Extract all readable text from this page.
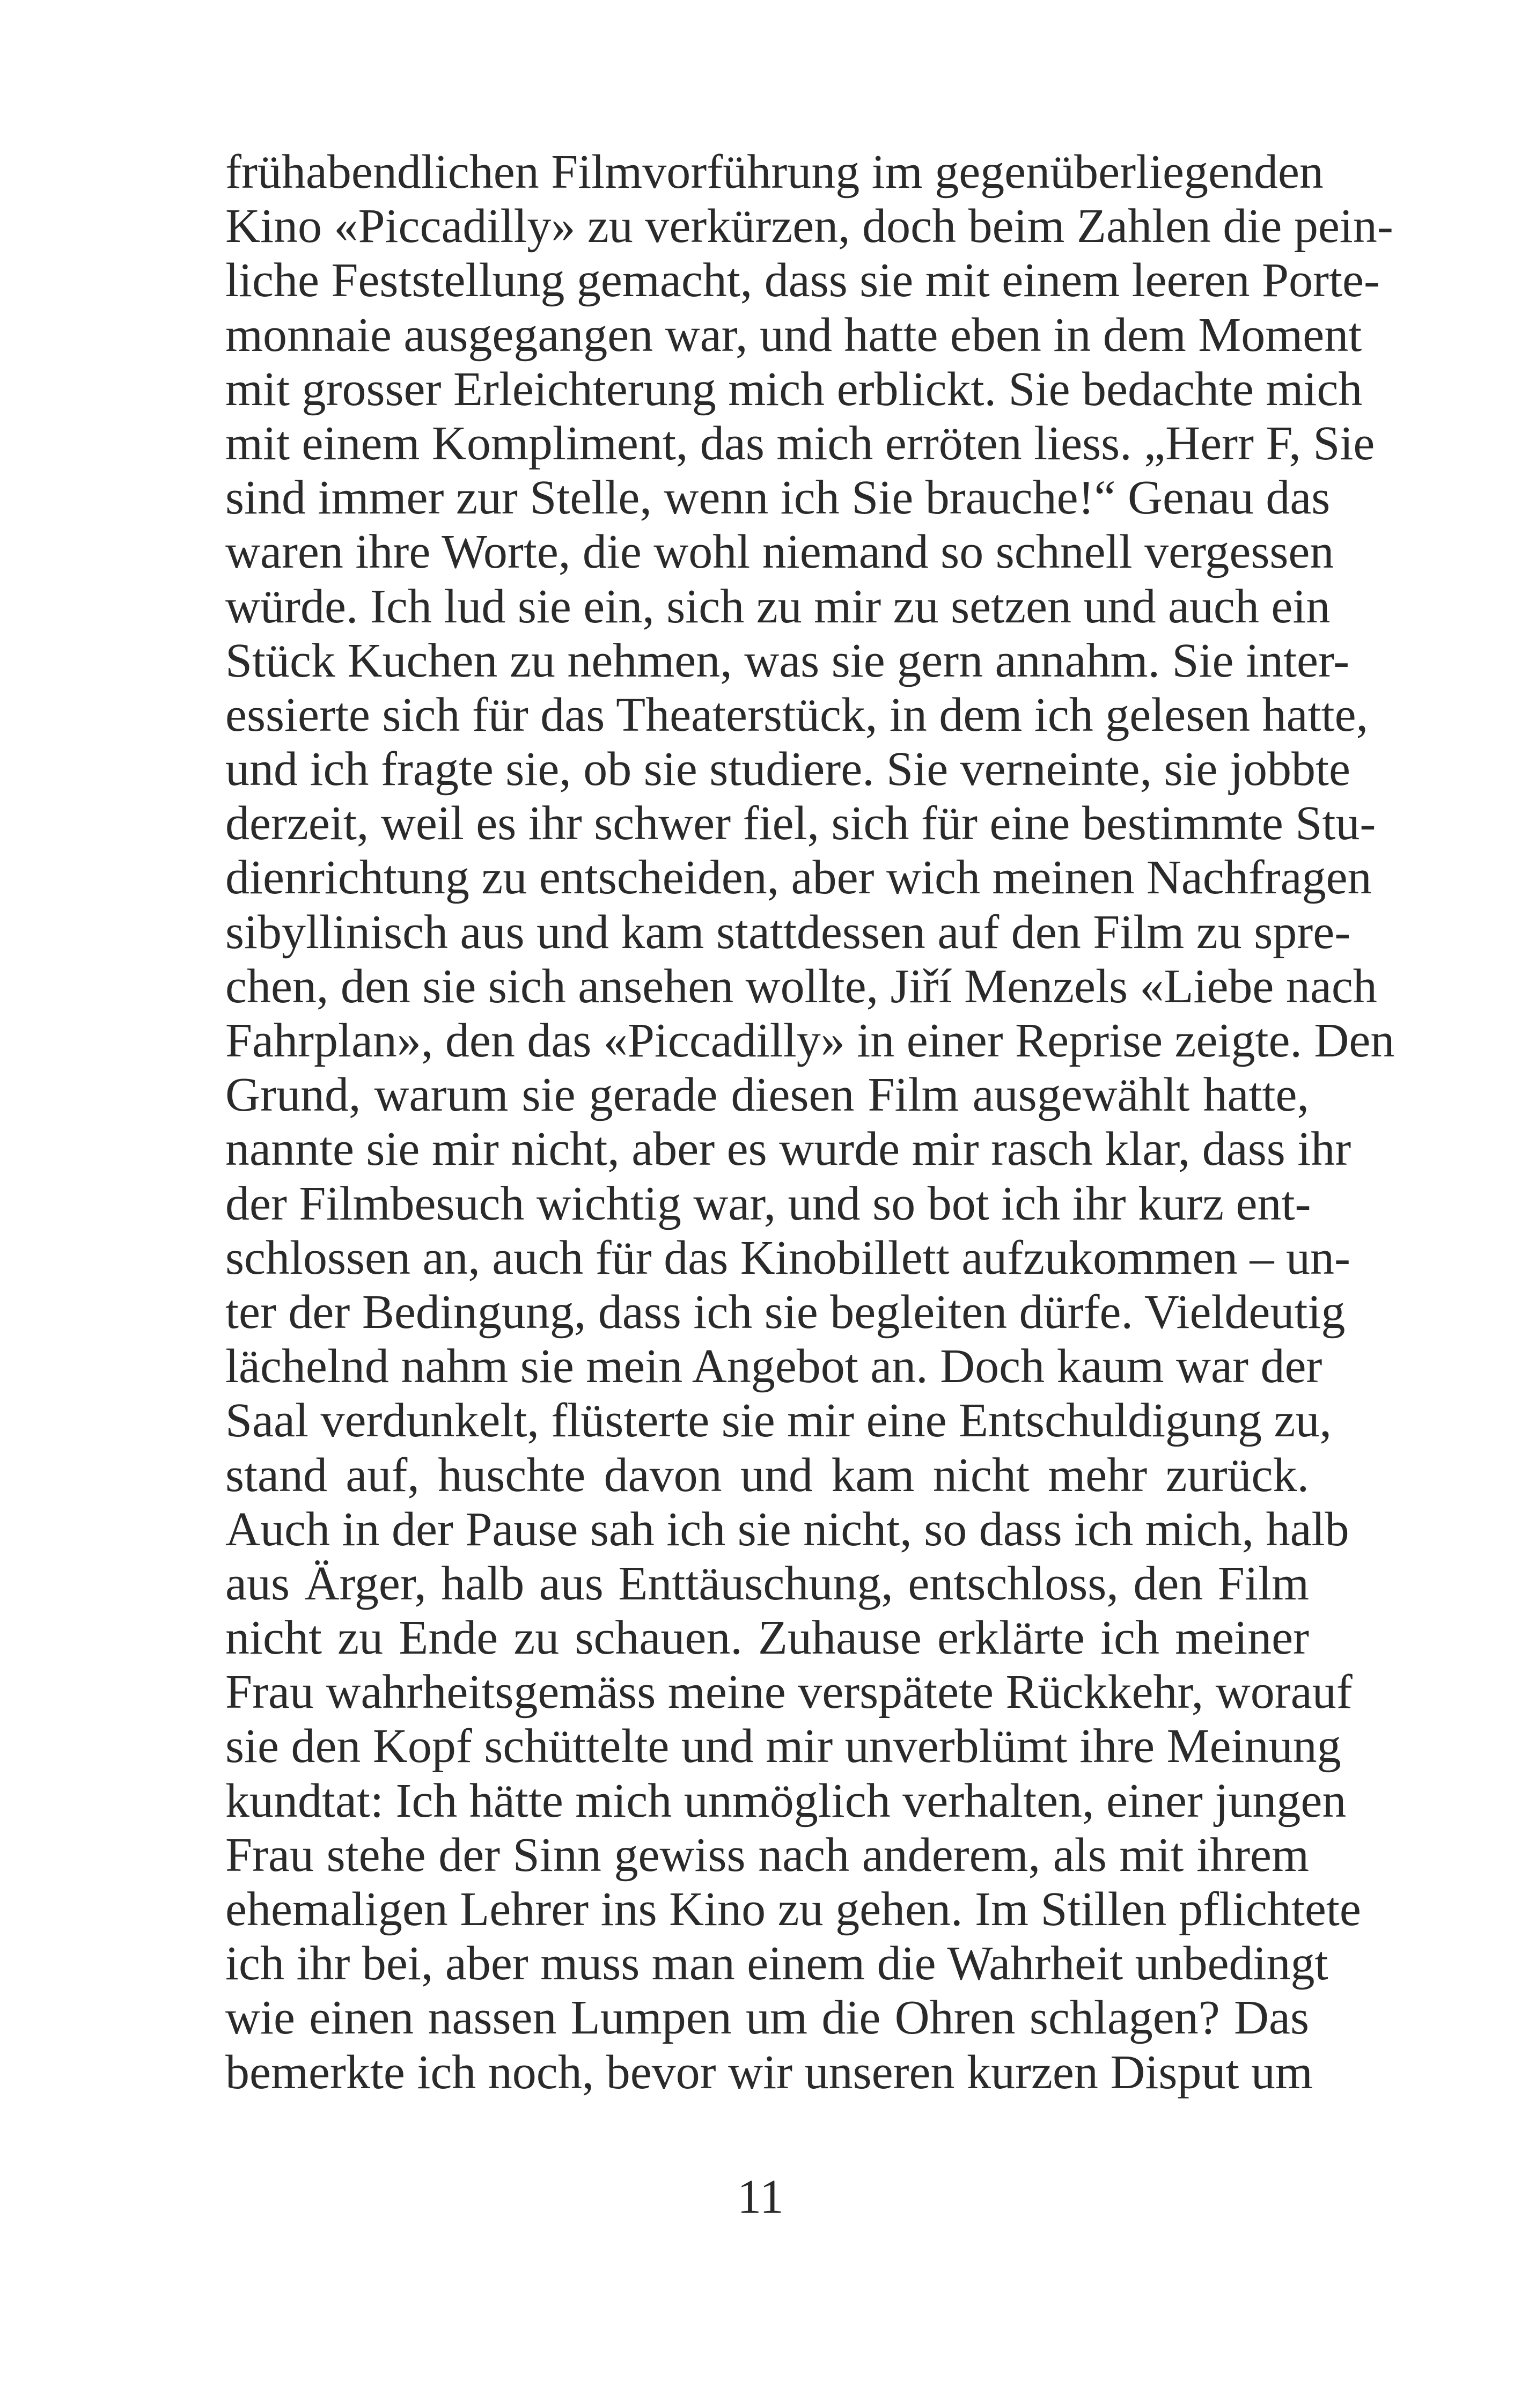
frühabendlichen Filmvorführung im gegenüberliegenden
Kino «Piccadilly» zu verkürzen, doch beim Zahlen die pein-
liche Feststellung gemacht, dass sie mit einem leeren Porte-
monnaie ausgegangen war, und hatte eben in dem Moment
mit grosser Erleichterung mich erblickt. Sie bedachte mich
mit einem Kompliment, das mich erröten liess. „Herr F, Sie
sind immer zur Stelle, wenn ich Sie brauche!“ Genau das
waren ihre Worte, die wohl niemand so schnell vergessen
würde. Ich lud sie ein, sich zu mir zu setzen und auch ein
Stück Kuchen zu nehmen, was sie gern annahm. Sie inter-
essierte sich für das Theaterstück, in dem ich gelesen hatte,
und ich fragte sie, ob sie studiere. Sie verneinte, sie jobbte
derzeit, weil es ihr schwer fiel, sich für eine bestimmte Stu-
dienrichtung zu entscheiden, aber wich meinen Nachfragen
sibyllinisch aus und kam stattdessen auf den Film zu spre-
chen, den sie sich ansehen wollte, Jiří Menzels «Liebe nach
Fahrplan», den das «Piccadilly» in einer Reprise zeigte. Den
Grund, warum sie gerade diesen Film ausgewählt hatte,
nannte sie mir nicht, aber es wurde mir rasch klar, dass ihr
der Filmbesuch wichtig war, und so bot ich ihr kurz ent-
schlossen an, auch für das Kinobillett aufzukommen – un-
ter der Bedingung, dass ich sie begleiten dürfe. Vieldeutig
lächelnd nahm sie mein Angebot an. Doch kaum war der
Saal verdunkelt, flüsterte sie mir eine Entschuldigung zu,
stand auf, huschte davon und kam nicht mehr zurück.
Auch in der Pause sah ich sie nicht, so dass ich mich, halb
aus Ärger, halb aus Enttäuschung, entschloss, den Film
nicht zu Ende zu schauen. Zuhause erklärte ich meiner
Frau wahrheitsgemäss meine verspätete Rückkehr, worauf
sie den Kopf schüttelte und mir unverblümt ihre Meinung
kundtat: Ich hätte mich unmöglich verhalten, einer jungen
Frau stehe der Sinn gewiss nach anderem, als mit ihrem
ehemaligen Lehrer ins Kino zu gehen. Im Stillen pflichtete
ich ihr bei, aber muss man einem die Wahrheit unbedingt
wie einen nassen Lumpen um die Ohren schlagen? Das
bemerkte ich noch, bevor wir unseren kurzen Disput um
11
